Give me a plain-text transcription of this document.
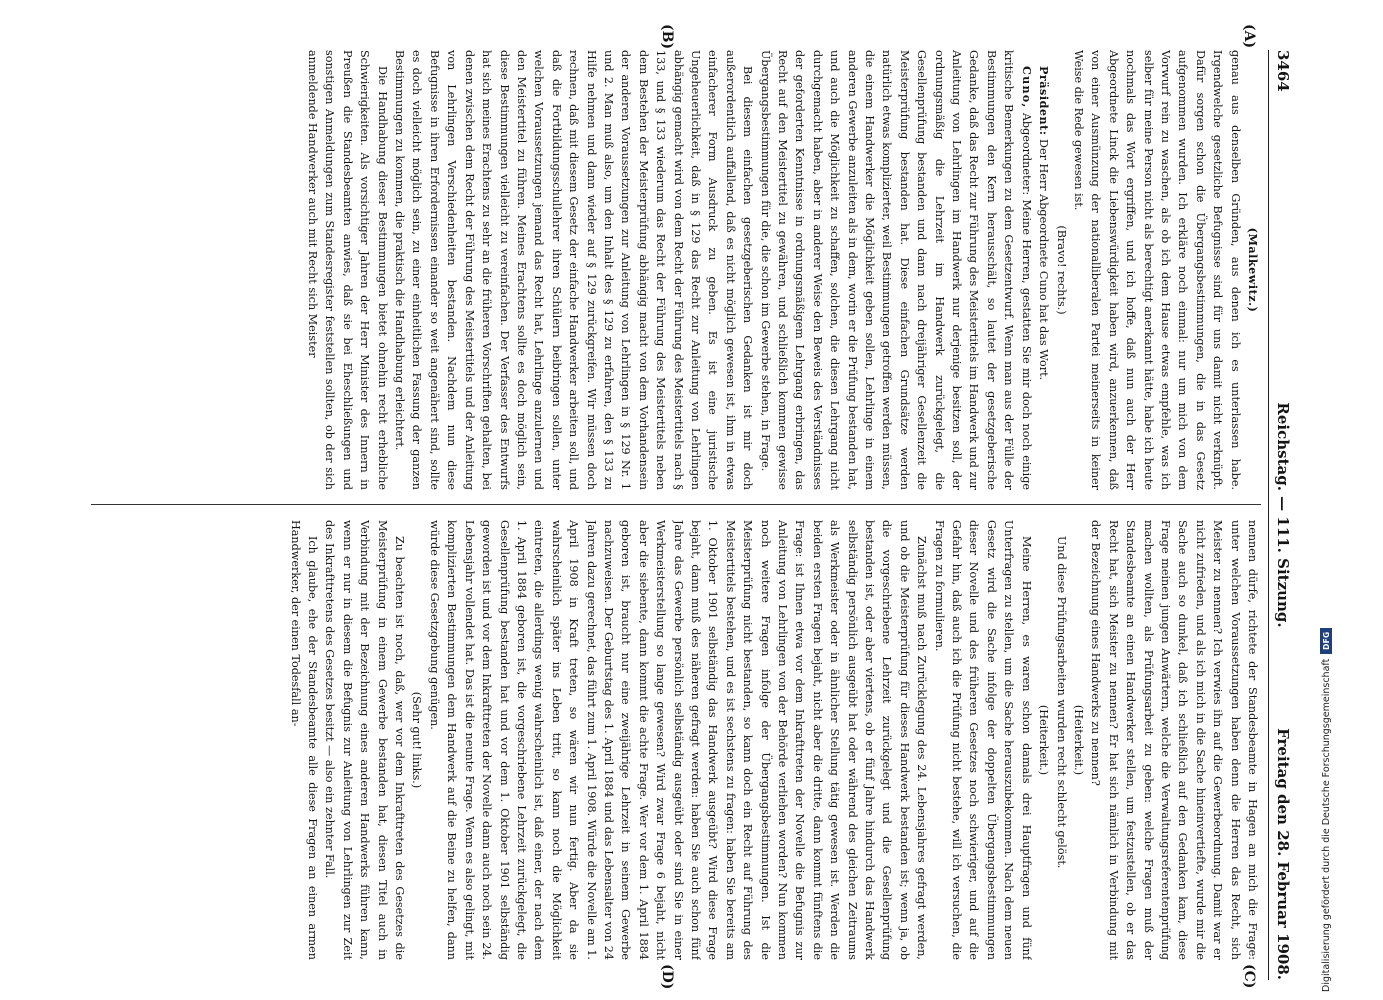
3464
Reichstag. — 111. Sitzung.
Freitag den 28. Februar 1908.
(A)
(B)
(C)
(D)

(Malkewitz.)

genau aus denselben Gründen, aus denen ich es unterlassen habe. Irgendwelche gesetzliche Befugnisse sind für uns damit nicht verknüpft. Dafür sorgen schon die Übergangsbestimmungen, die in das Gesetz aufgenommen wurden. Ich erkläre noch einmal: nur um mich von dem Vorwurf rein zu waschen, als ob ich dem Hause etwas empfehle, was ich selber für meine Person nicht als berechtigt anerkannt hätte, habe ich heute nochmals das Wort ergriffen, und ich hoffe, daß nun auch der Herr Abgeordnete Linck die Liebenswürdigkeit haben wird, anzuerkennen, daß von einer Ausmünzung der nationalliberalen Partei meinerseits in keiner Weise die Rede gewesen ist.

(Bravo! rechts.)

Präsident: Der Herr Abgeordnete Cuno hat das Wort.

Cuno, Abgeordneter: Meine Herren, gestatten Sie mir doch noch einige kritische Bemerkungen zu dem Gesetzentwurf. Wenn man aus der Fülle der Bestimmungen den Kern herausschält, so lautet der gesetzgeberische Gedanke, daß das Recht zur Führung des Meistertitels im Handwerk und zur Anleitung von Lehrlingen im Handwerk nur derjenige besitzen soll, der ordnungsmäßig die Lehrzeit im Handwerk zurückgelegt, die Gesellenprüfung bestanden und dann nach dreijähriger Gesellenzeit die Meisterprüfung bestanden hat. Diese einfachen Grundsätze werden natürlich etwas komplizierter, weil Bestimmungen getroffen werden müssen, die einem Handwerker die Möglichkeit geben sollen, Lehrlinge in einem anderen Gewerbe anzuleiten als in dem, worin er die Prüfung bestanden hat, und auch die Möglichkeit zu schaffen, solchen, die diesen Lehrgang nicht durchgemacht haben, aber in anderer Weise den Beweis des Verständnisses der geforderten Kenntnisse in ordnungsmäßigem Lehrgang erbringen, das Recht auf den Meistertitel zu gewähren, und schließlich kommen gewisse Übergangsbestimmungen für die, die schon im Gewerbe stehen, in Frage.

Bei diesem einfachen gesetzgeberischen Gedanken ist mir doch außerordentlich auffallend, daß es nicht möglich gewesen ist, ihm in etwas einfacherer Form Ausdruck zu geben. Es ist eine juristische Ungeheuerlichkeit, daß in § 129 das Recht zur Anleitung von Lehrlingen abhängig gemacht wird von dem Recht der Führung des Meistertitels nach § 133, und § 133 wiederum das Recht der Führung des Meistertitels neben dem Bestehen der Meisterprüfung abhängig macht von dem Vorhandensein der anderen Voraussetzungen zur Anleitung von Lehrlingen in § 129 Nr. 1 und 2. Man muß also, um den Inhalt des § 129 zu erfahren, den § 133 zu Hilfe nehmen und dann wieder auf § 129 zurückgreifen. Wir müssen doch rechnen, daß mit diesem Gesetz der einfache Handwerker arbeiten soll, und daß die Fortbildungsschullehrer ihren Schülern beibringen sollen, unter welchen Voraussetzungen jemand das Recht hat, Lehrlinge anzulernen und den Meistertitel zu führen. Meines Erachtens sollte es doch möglich sein, diese Bestimmungen vielleicht zu vereinfachen. Der Verfasser des Entwurfs hat sich meines Erachtens zu sehr an die früheren Vorschriften gehalten, bei denen zwischen dem Recht der Führung des Meistertitels und der Anleitung von Lehrlingen Verschiedenheiten bestanden. Nachdem nun diese Befugnisse in ihren Erfordernissen einander so weit angenähert sind, sollte es doch vielleicht möglich sein, zu einer einheitlichen Fassung der ganzen Bestimmungen zu kommen, die praktisch die Handhabung erleichtert.

Die Handhabung dieser Bestimmungen bietet ohnehin recht erhebliche Schwierigkeiten. Als vorsichtiger Jahren der Herr Minister des Innern in Preußen die Standesbeamten anwies, daß sie bei Eheschließungen und sonstigen Anmeldungen zum Standesregister feststellen sollten, ob der sich anmeldende Handwerker auch mit Recht sich Meister

nennen dürfe, richtete der Standesbeamte in Hagen an mich die Frage: unter welchen Voraussetzungen haben denn die Herren das Recht, sich Meister zu nennen? Ich verwies ihn auf die Gewerbeordnung. Damit war er nicht zufrieden, und als ich mich in die Sache hineinvertiefte, wurde mir die Sache auch so dunkel, daß ich schließlich auf den Gedanken kam, diese Frage meinen jungen Anwärtern, welche die Verwaltungsreferentenprüfung machen wollten, als Prüfungsarbeit zu geben: welche Fragen muß der Standesbeamte an einen Handwerker stellen, um festzustellen, ob er das Recht hat, sich Meister zu nennen? Er hat sich nämlich in Verbindung mit der Bezeichnung eines Handwerks zu nennen?

(Heiterkeit.)

Und diese Prüfungsarbeiten wurden recht schlecht gelöst.

(Heiterkeit.)

Meine Herren, es waren schon damals drei Hauptfragen und fünf Unterfragen zu stellen, um die Sache herauszubekommen. Nach dem neuen Gesetz wird die Sache infolge der doppelten Übergangsbestimmungen dieser Novelle und des früheren Gesetzes noch schwieriger, und auf die Gefahr hin, daß auch ich die Prüfung nicht bestehe, will ich versuchen, die Fragen zu formulieren.

Zunächst muß nach Zurücklegung des 24. Lebensjahres gefragt werden, und ob die Meisterprüfung für dieses Handwerk bestanden ist; wenn ja, ob die vorgeschriebene Lehrzeit zurückgelegt und die Gesellenprüfung bestanden ist, oder aber viertens, ob er fünf Jahre hindurch das Handwerk selbständig persönlich ausgeübt hat oder während des gleichen Zeitraums als Werkmeister oder in ähnlicher Stellung tätig gewesen ist. Werden die beiden ersten Fragen bejaht, nicht aber die dritte, dann kommt fünftens die Frage: ist Ihnen etwa vor dem Inkrafttreten der Novelle die Befugnis zur Anleitung von Lehrlingen von der Behörde verliehen worden? Nun kommen noch weitere Fragen infolge der Übergangsbestimmungen. Ist die Meisterprüfung nicht bestanden, so kann doch ein Recht auf Führung des Meistertitels bestehen, und es ist sechstens zu fragen: haben Sie bereits am 1. Oktober 1901 selbständig das Handwerk ausgeübt? Wird diese Frage bejaht, dann muß des näheren gefragt werden: haben Sie auch schon fünf Jahre das Gewerbe persönlich selbständig ausgeübt oder sind Sie in einer Werkmeisterstellung so lange gewesen? Wird zwar Frage 6 bejaht, nicht aber die siebente, dann kommt die achte Frage. Wer vor dem 1. April 1884 geboren ist, braucht nur eine zweijährige Lehrzeit in seinem Gewerbe nachzuweisen. Der Geburtstag des 1. April 1884 und das Lebensalter von 24 Jahren dazu gerechnet, das führt zum 1. April 1908. Würde die Novelle am 1. April 1908 in Kraft treten, so wären wir nun fertig. Aber da sie wahrscheinlich später ins Leben tritt, so kann noch die Möglichkeit eintreten, die allerdings wenig wahrscheinlich ist, daß einer, der nach dem 1. April 1884 geboren ist, die vorgeschriebene Lehrzeit zurückgelegt, die Gesellenprüfung bestanden hat und vor dem 1. Oktober 1901 selbständig geworden ist und vor dem Inkrafttreten der Novelle dann auch noch sein 24. Lebensjahr vollendet hat. Das ist die neunte Frage. Wenn es also gelingt, mit komplizierten Bestimmungen dem Handwerk auf die Beine zu helfen, dann würde diese Gesetzgebung genügen.

(Sehr gut! links.)

Zu beachten ist noch, daß, wer vor dem Inkrafttreten des Gesetzes die Meisterprüfung in einem Gewerbe bestanden hat, diesen Titel auch in Verbindung mit der Bezeichnung eines anderen Handwerks führen kann, wenn er nur in diesem die Befugnis zur Anleitung von Lehrlingen zur Zeit des Inkrafttretens des Gesetzes besitzt — also ein zehnter Fall.

Ich glaube, ehe der Standesbeamte alle diese Fragen an einen armen Handwerker, der einen Todesfall an-

Digitalisierung gefördert durch die Deutsche Forschungsgemeinschaft
DFG
